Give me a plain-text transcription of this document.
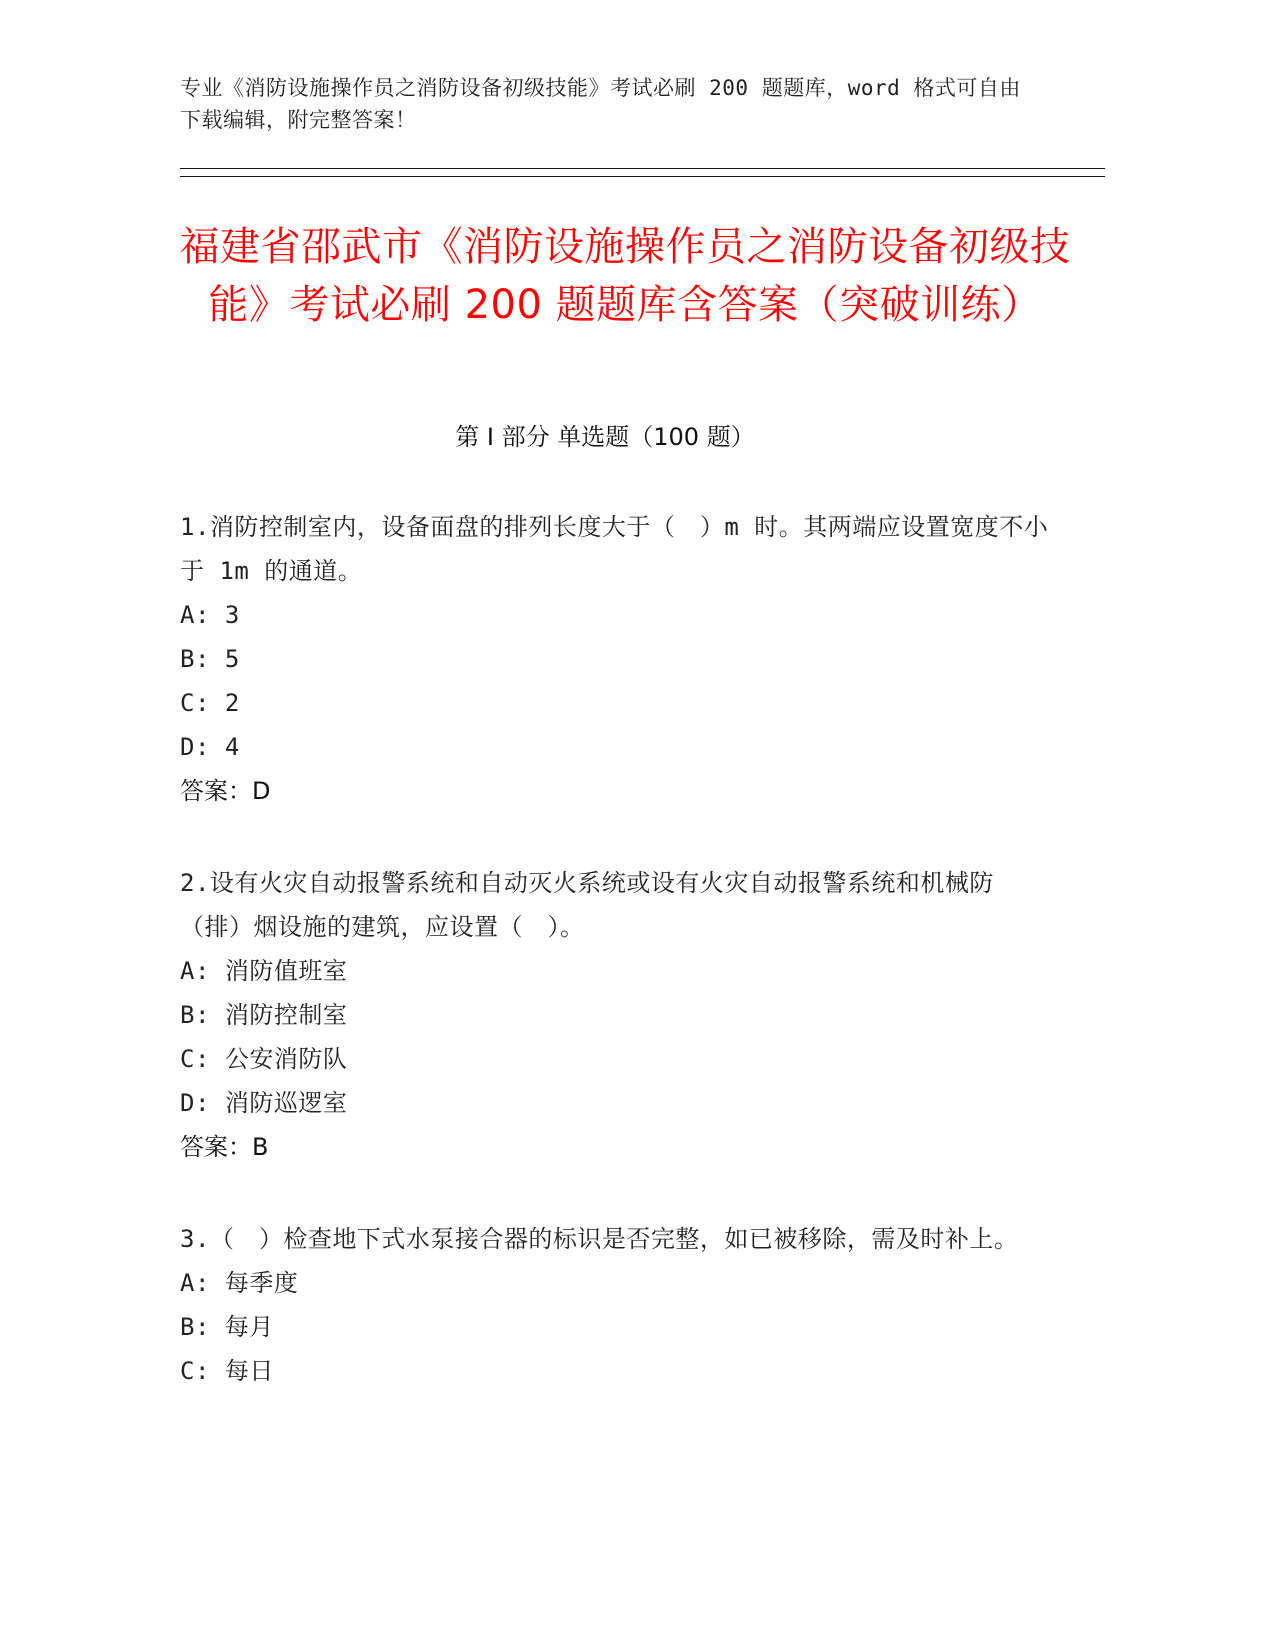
专业《消防设施操作员之消防设备初级技能》考试必刷 200 题题库，word 格式可自由下载编辑，附完整答案！
福建省邵武市《消防设施操作员之消防设备初级技能》考试必刷 200 题题库含答案（突破训练）
第 I 部分 单选题（100 题）

1.消防控制室内，设备面盘的排列长度大于（　）m 时。其两端应设置宽度不小于 1m 的通道。

A: 3

B: 5

C: 2

D: 4

答案：D

2.设有火灾自动报警系统和自动灭火系统或设有火灾自动报警系统和机械防（排）烟设施的建筑，应设置（　）。

A: 消防值班室

B: 消防控制室

C: 公安消防队

D: 消防巡逻室

答案：B

3.（　）检查地下式水泵接合器的标识是否完整，如已被移除，需及时补上。

A: 每季度

B: 每月

C: 每日
